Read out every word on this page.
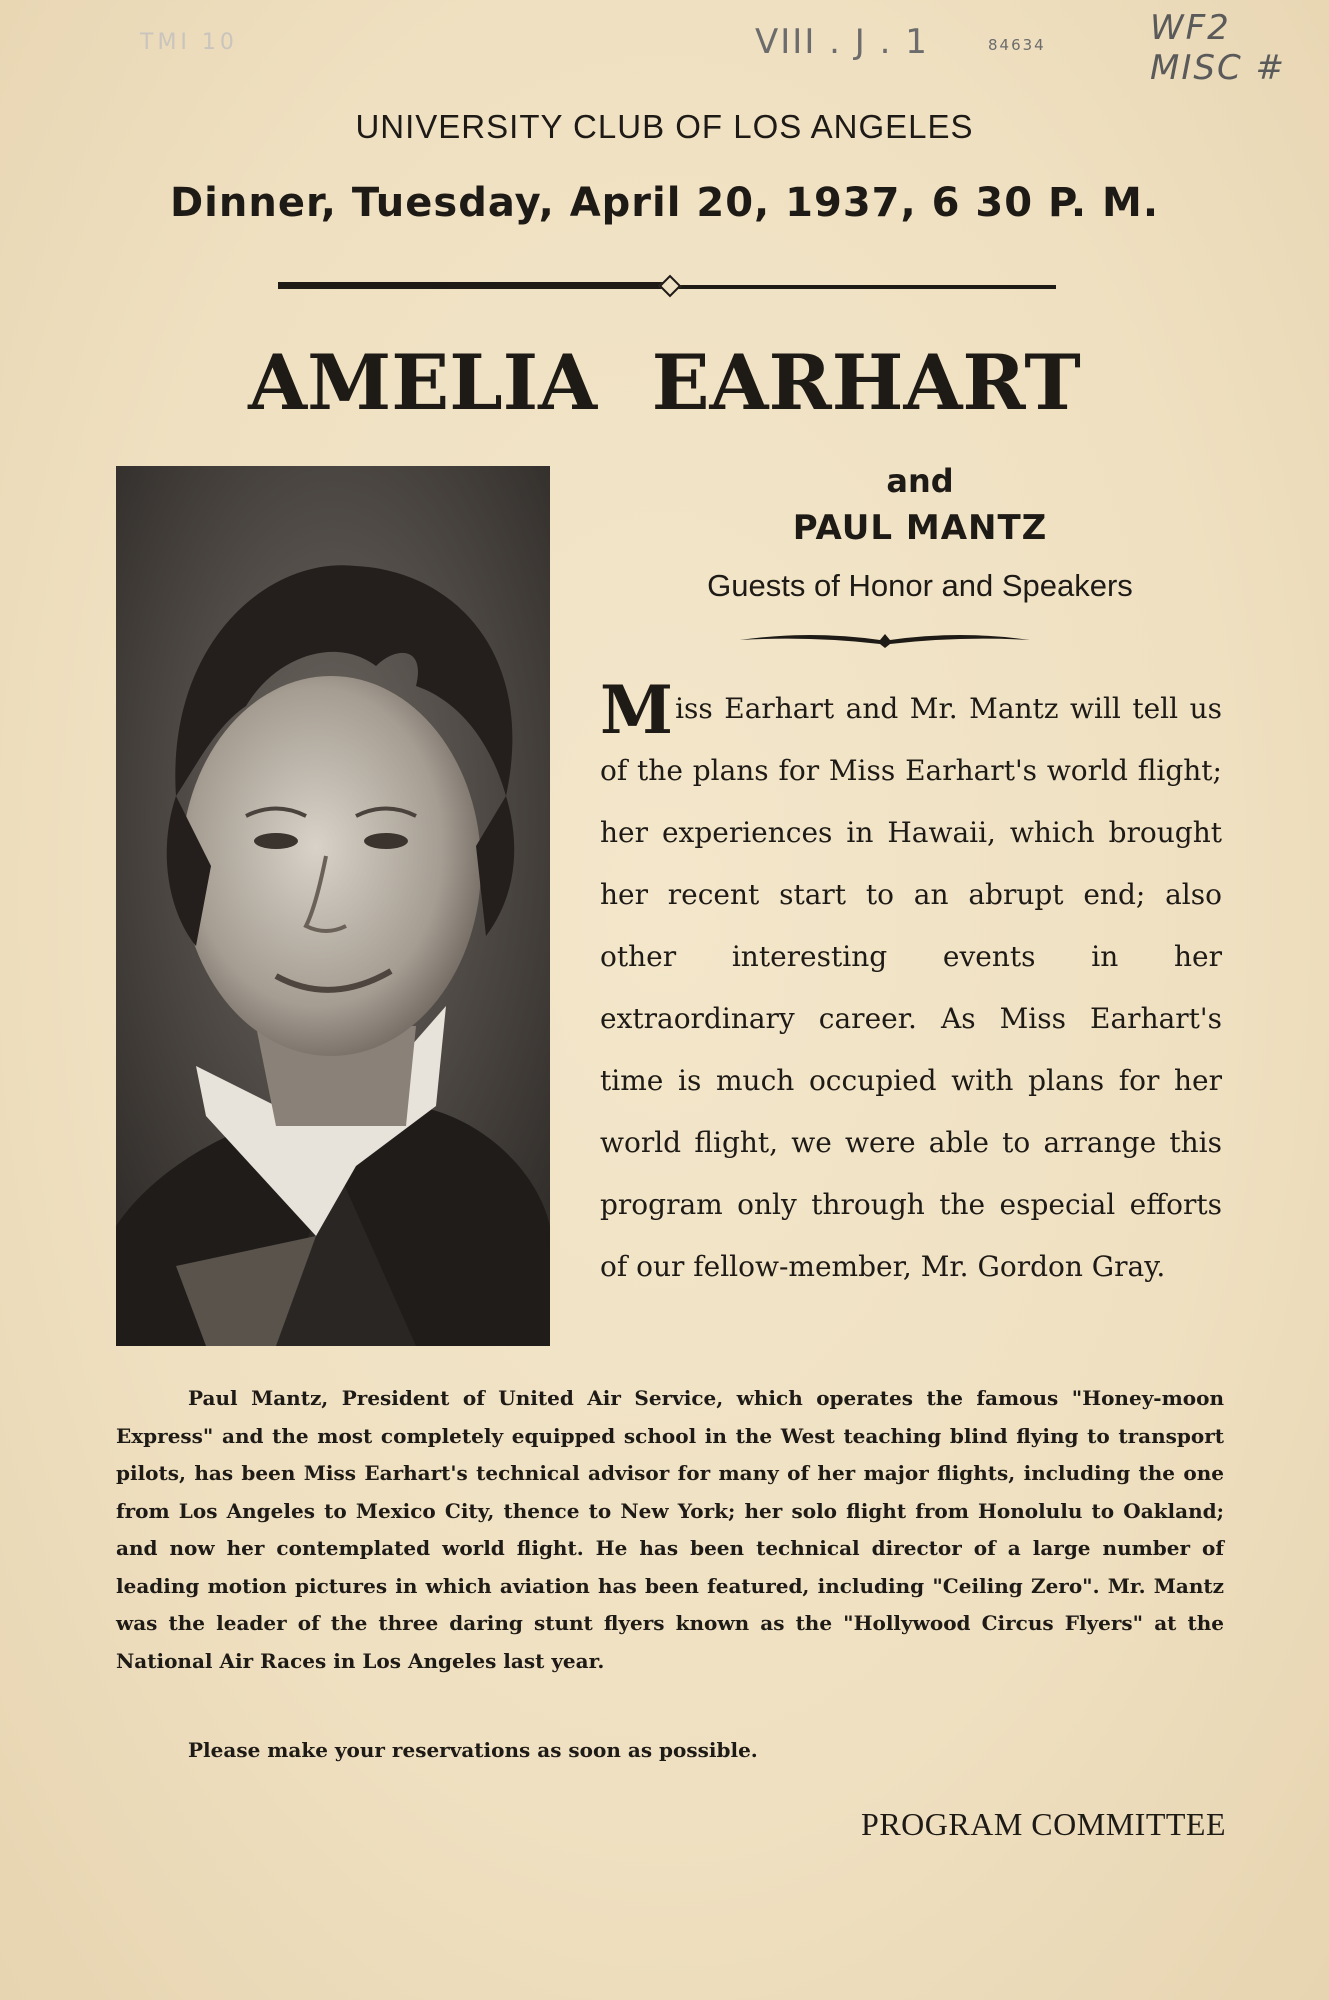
TMI 10	VIII . J . 1	84634	WF2
MISC #
UNIVERSITY CLUB OF LOS ANGELES
Dinner, Tuesday, April 20, 1937, 6 30 P. M.
AMELIA EARHART
and
PAUL MANTZ
Guests of Honor and Speakers
Miss Earhart and Mr. Mantz will tell us of the plans for Miss Earhart's world flight; her experiences in Hawaii, which brought her recent start to an abrupt end; also other interesting events in her extraordinary career. As Miss Earhart's time is much occupied with plans for her world flight, we were able to arrange this program only through the especial efforts of our fellow-member, Mr. Gordon Gray.
Paul Mantz, President of United Air Service, which operates the famous "Honey-moon Express" and the most completely equipped school in the West teaching blind flying to transport pilots, has been Miss Earhart's technical advisor for many of her major flights, including the one from Los Angeles to Mexico City, thence to New York; her solo flight from Honolulu to Oakland; and now her contemplated world flight. He has been technical director of a large number of leading motion pictures in which aviation has been featured, including "Ceiling Zero". Mr. Mantz was the leader of the three daring stunt flyers known as the "Hollywood Circus Flyers" at the National Air Races in Los Angeles last year.
Please make your reservations as soon as possible.
PROGRAM COMMITTEE
